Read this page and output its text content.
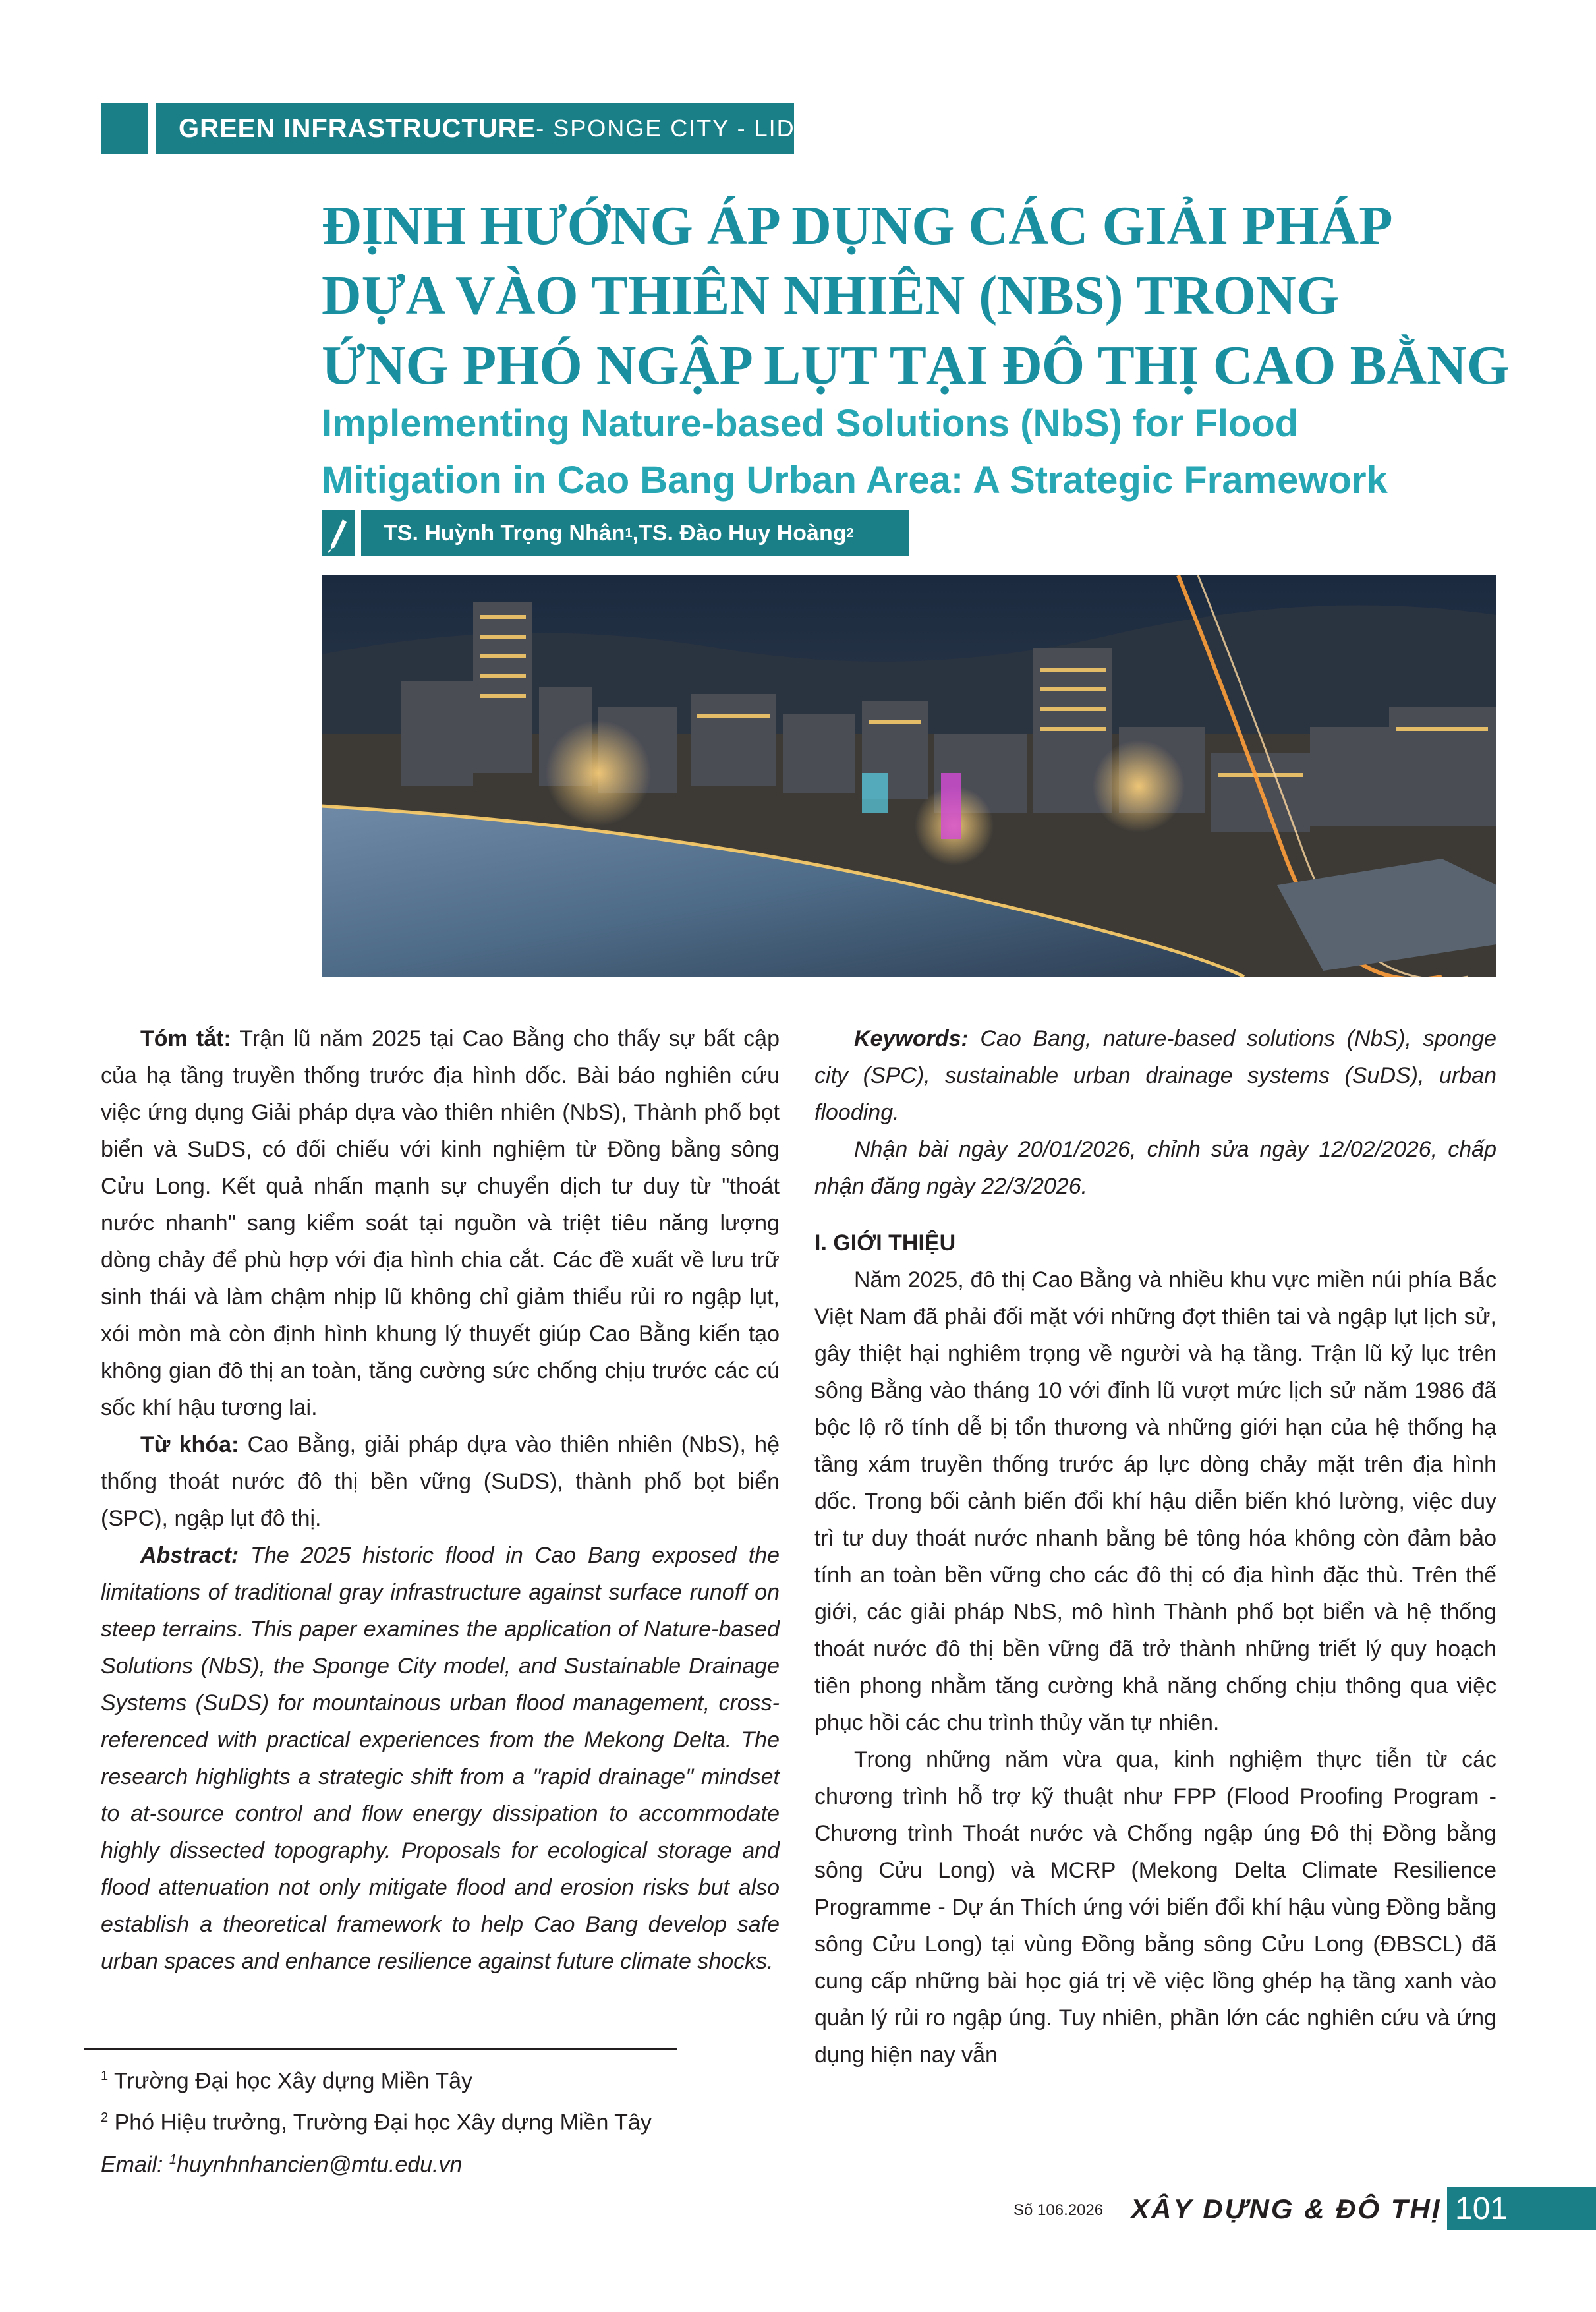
GREEN INFRASTRUCTURE - SPONGE CITY - LID
ĐỊNH HƯỚNG ÁP DỤNG CÁC GIẢI PHÁP
DỰA VÀO THIÊN NHIÊN (NBS) TRONG
ỨNG PHÓ NGẬP LỤT TẠI ĐÔ THỊ CAO BẰNG
Implementing Nature-based Solutions (NbS) for Flood
Mitigation in Cao Bang Urban Area: A Strategic Framework
TS. Huỳnh Trọng Nhân 1 , TS. Đào Huy Hoàng 2

Tóm tắt: Trận lũ năm 2025 tại Cao Bằng cho thấy sự bất cập của hạ tầng truyền thống trước địa hình dốc. Bài báo nghiên cứu việc ứng dụng Giải pháp dựa vào thiên nhiên (NbS), Thành phố bọt biển và SuDS, có đối chiếu với kinh nghiệm từ Đồng bằng sông Cửu Long. Kết quả nhấn mạnh sự chuyển dịch tư duy từ "thoát nước nhanh" sang kiểm soát tại nguồn và triệt tiêu năng lượng dòng chảy để phù hợp với địa hình chia cắt. Các đề xuất về lưu trữ sinh thái và làm chậm nhịp lũ không chỉ giảm thiểu rủi ro ngập lụt, xói mòn mà còn định hình khung lý thuyết giúp Cao Bằng kiến tạo không gian đô thị an toàn, tăng cường sức chống chịu trước các cú sốc khí hậu tương lai.

Từ khóa: Cao Bằng, giải pháp dựa vào thiên nhiên (NbS), hệ thống thoát nước đô thị bền vững (SuDS), thành phố bọt biển (SPC), ngập lụt đô thị.

Abstract: The 2025 historic flood in Cao Bang exposed the limitations of traditional gray infrastructure against surface runoff on steep terrains. This paper examines the application of Nature-based Solutions (NbS), the Sponge City model, and Sustainable Drainage Systems (SuDS) for mountainous urban flood management, cross-referenced with practical experiences from the Mekong Delta. The research highlights a strategic shift from a "rapid drainage" mindset to at-source control and flow energy dissipation to accommodate highly dissected topography. Proposals for ecological storage and flood attenuation not only mitigate flood and erosion risks but also establish a theoretical framework to help Cao Bang develop safe urban spaces and enhance resilience against future climate shocks.

Keywords: Cao Bang, nature-based solutions (NbS), sponge city (SPC), sustainable urban drainage systems (SuDS), urban flooding.

Nhận bài ngày 20/01/2026, chỉnh sửa ngày 12/02/2026, chấp nhận đăng ngày 22/3/2026.

I. GIỚI THIỆU

Năm 2025, đô thị Cao Bằng và nhiều khu vực miền núi phía Bắc Việt Nam đã phải đối mặt với những đợt thiên tai và ngập lụt lịch sử, gây thiệt hại nghiêm trọng về người và hạ tầng. Trận lũ kỷ lục trên sông Bằng vào tháng 10 với đỉnh lũ vượt mức lịch sử năm 1986 đã bộc lộ rõ tính dễ bị tổn thương và những giới hạn của hệ thống hạ tầng xám truyền thống trước áp lực dòng chảy mặt trên địa hình dốc. Trong bối cảnh biến đổi khí hậu diễn biến khó lường, việc duy trì tư duy thoát nước nhanh bằng bê tông hóa không còn đảm bảo tính an toàn bền vững cho các đô thị có địa hình đặc thù. Trên thế giới, các giải pháp NbS, mô hình Thành phố bọt biển và hệ thống thoát nước đô thị bền vững đã trở thành những triết lý quy hoạch tiên phong nhằm tăng cường khả năng chống chịu thông qua việc phục hồi các chu trình thủy văn tự nhiên.

Trong những năm vừa qua, kinh nghiệm thực tiễn từ các chương trình hỗ trợ kỹ thuật như FPP (Flood Proofing Program - Chương trình Thoát nước và Chống ngập úng Đô thị Đồng bằng sông Cửu Long) và MCRP (Mekong Delta Climate Resilience Programme - Dự án Thích ứng với biến đổi khí hậu vùng Đồng bằng sông Cửu Long) tại vùng Đồng bằng sông Cửu Long (ĐBSCL) đã cung cấp những bài học giá trị về việc lồng ghép hạ tầng xanh vào quản lý rủi ro ngập úng. Tuy nhiên, phần lớn các nghiên cứu và ứng dụng hiện nay vẫn

$^1$ Trường Đại học Xây dựng Miền Tây
$^2$ Phó Hiệu trưởng, Trường Đại học Xây dựng Miền Tây
Email: $^1$huynhnhancien@mtu.edu.vn
Số 106.2026 XÂY DỰNG & ĐÔ THỊ 101
